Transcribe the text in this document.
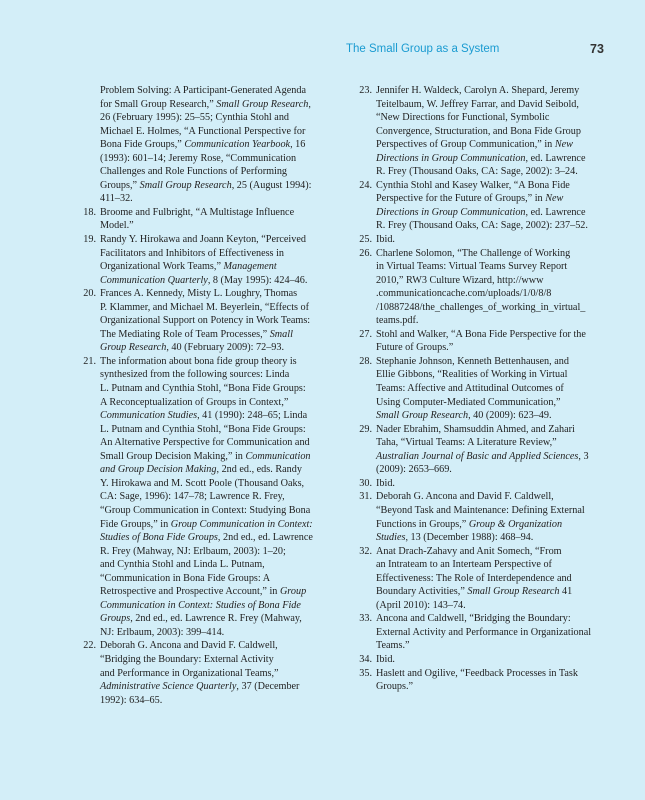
The Small Group as a System	73
Problem Solving: A Participant-Generated Agenda
for Small Group Research,” Small Group Research,
26 (February 1995): 25–55; Cynthia Stohl and
Michael E. Holmes, “A Functional Perspective for
Bona Fide Groups,” Communication Yearbook, 16
(1993): 601–14; Jeremy Rose, “Communication
Challenges and Role Functions of Performing
Groups,” Small Group Research, 25 (August 1994):
411–32.
18. Broome and Fulbright, “A Multistage Influence
Model.”
19. Randy Y. Hirokawa and Joann Keyton, “Perceived
Facilitators and Inhibitors of Effectiveness in
Organizational Work Teams,” Management
Communication Quarterly, 8 (May 1995): 424–46.
20. Frances A. Kennedy, Misty L. Loughry, Thomas
P. Klammer, and Michael M. Beyerlein, “Effects of
Organizational Support on Potency in Work Teams:
The Mediating Role of Team Processes,” Small
Group Research, 40 (February 2009): 72–93.
21. The information about bona fide group theory is
synthesized from the following sources: Linda
L. Putnam and Cynthia Stohl, “Bona Fide Groups:
A Reconceptualization of Groups in Context,”
Communication Studies, 41 (1990): 248–65; Linda
L. Putnam and Cynthia Stohl, “Bona Fide Groups:
An Alternative Perspective for Communication and
Small Group Decision Making,” in Communication
and Group Decision Making, 2nd ed., eds. Randy
Y. Hirokawa and M. Scott Poole (Thousand Oaks,
CA: Sage, 1996): 147–78; Lawrence R. Frey,
“Group Communication in Context: Studying Bona
Fide Groups,” in Group Communication in Context:
Studies of Bona Fide Groups, 2nd ed., ed. Lawrence
R. Frey (Mahway, NJ: Erlbaum, 2003): 1–20;
and Cynthia Stohl and Linda L. Putnam,
“Communication in Bona Fide Groups: A
Retrospective and Prospective Account,” in Group
Communication in Context: Studies of Bona Fide
Groups, 2nd ed., ed. Lawrence R. Frey (Mahway,
NJ: Erlbaum, 2003): 399–414.
22. Deborah G. Ancona and David F. Caldwell,
“Bridging the Boundary: External Activity
and Performance in Organizational Teams,”
Administrative Science Quarterly, 37 (December
1992): 634–65.
23. Jennifer H. Waldeck, Carolyn A. Shepard, Jeremy
Teitelbaum, W. Jeffrey Farrar, and David Seibold,
“New Directions for Functional, Symbolic
Convergence, Structuration, and Bona Fide Group
Perspectives of Group Communication,” in New
Directions in Group Communication, ed. Lawrence
R. Frey (Thousand Oaks, CA: Sage, 2002): 3–24.
24. Cynthia Stohl and Kasey Walker, “A Bona Fide
Perspective for the Future of Groups,” in New
Directions in Group Communication, ed. Lawrence
R. Frey (Thousand Oaks, CA: Sage, 2002): 237–52.
25. Ibid.
26. Charlene Solomon, “The Challenge of Working
in Virtual Teams: Virtual Teams Survey Report
2010,” RW3 Culture Wizard, http://www
.communicationcache.com/uploads/1/0/8/8
/10887248/the_challenges_of_working_in_virtual_
teams.pdf.
27. Stohl and Walker, “A Bona Fide Perspective for the
Future of Groups.”
28. Stephanie Johnson, Kenneth Bettenhausen, and
Ellie Gibbons, “Realities of Working in Virtual
Teams: Affective and Attitudinal Outcomes of
Using Computer-Mediated Communication,”
Small Group Research, 40 (2009): 623–49.
29. Nader Ebrahim, Shamsuddin Ahmed, and Zahari
Taha, “Virtual Teams: A Literature Review,”
Australian Journal of Basic and Applied Sciences, 3
(2009): 2653–669.
30. Ibid.
31. Deborah G. Ancona and David F. Caldwell,
“Beyond Task and Maintenance: Defining External
Functions in Groups,” Group & Organization
Studies, 13 (December 1988): 468–94.
32. Anat Drach-Zahavy and Anit Somech, “From
an Intrateam to an Interteam Perspective of
Effectiveness: The Role of Interdependence and
Boundary Activities,” Small Group Research 41
(April 2010): 143–74.
33. Ancona and Caldwell, “Bridging the Boundary:
External Activity and Performance in Organizational
Teams.”
34. Ibid.
35. Haslett and Ogilive, “Feedback Processes in Task
Groups.”
